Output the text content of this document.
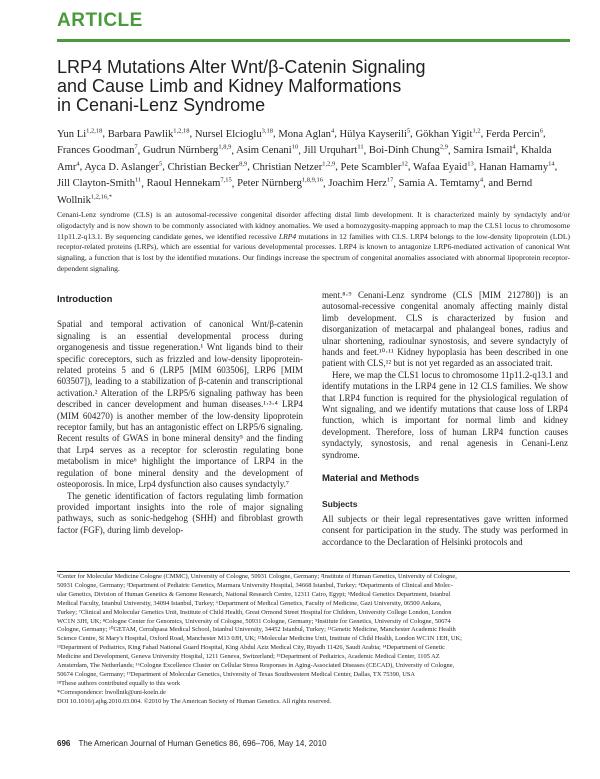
ARTICLE
LRP4 Mutations Alter Wnt/β-Catenin Signaling
and Cause Limb and Kidney Malformations
in Cenani-Lenz Syndrome
Yun Li$^{1,2,18}$, Barbara Pawlik$^{1,2,18}$, Nursel Elcioglu$^{3,18}$, Mona Aglan$^4$, Hülya Kayserili$^5$, Gökhan Yigit$^{1,2}$, Ferda Percin$^6$, Frances Goodman$^7$, Gudrun Nürnberg$^{1,8,9}$, Asim Cenani$^{10}$, Jill Urquhart$^{11}$, Boi-Dinh Chung$^{2,9}$, Samira Ismail$^4$, Khalda Amr$^4$, Ayca D. Aslanger$^5$, Christian Becker$^{8,9}$, Christian Netzer$^{1,2,9}$, Pete Scambler$^{12}$, Wafaa Eyaid$^{13}$, Hanan Hamamy$^{14}$, Jill Clayton-Smith$^{11}$, Raoul Hennekam$^{7,15}$, Peter Nürnberg$^{1,8,9,16}$, Joachim Herz$^{17}$, Samia A. Temtamy$^4$, and Bernd Wollnik$^{1,2,16,*}$
Cenani-Lenz syndrome (CLS) is an autosomal-recessive congenital disorder affecting distal limb development. It is characterized mainly by syndactyly and/or oligodactyly and is now shown to be commonly associated with kidney anomalies. We used a homozygosity-mapping approach to map the CLS1 locus to chromosome 11p11.2-q13.1. By sequencing candidate genes, we identified recessive LRP4 mutations in 12 families with CLS. LRP4 belongs to the low-density lipoprotein (LDL) receptor-related proteins (LRPs), which are essential for various developmental processes. LRP4 is known to antagonize LRP6-mediated activation of canonical Wnt signaling, a function that is lost by the identified mutations. Our findings increase the spectrum of congenital anomalies associated with abnormal lipoprotein receptor-dependent signaling.
Introduction

Spatial and temporal activation of canonical Wnt/β-catenin signaling is an essential developmental process during organogenesis and tissue regeneration.¹ Wnt ligands bind to their specific coreceptors, such as frizzled and low-density lipoprotein-related proteins 5 and 6 (LRP5 [MIM 603506], LRP6 [MIM 603507]), leading to a stabilization of β-catenin and transcriptional activation.² Alteration of the LRP5/6 signaling pathway has been described in cancer development and human diseases.¹·³·⁴ LRP4 (MIM 604270) is another member of the low-density lipoprotein receptor family, but has an antagonistic effect on LRP5/6 signaling. Recent results of GWAS in bone mineral density⁵ and the finding that Lrp4 serves as a receptor for sclerostin regulating bone metabolism in mice⁶ highlight the importance of LRP4 in the regulation of bone mineral density and the development of osteoporosis. In mice, Lrp4 dysfunction also causes syndactyly.⁷

The genetic identification of factors regulating limb formation provided important insights into the role of major signaling pathways, such as sonic-hedgehog (SHH) and fibroblast growth factor (FGF), during limb develop-

ment.⁸·⁹ Cenani-Lenz syndrome (CLS [MIM 212780]) is an autosomal-recessive congenital anomaly affecting mainly distal limb development. CLS is characterized by fusion and disorganization of metacarpal and phalangeal bones, radius and ulnar shortening, radioulnar synostosis, and severe syndactyly of hands and feet.¹⁰·¹¹ Kidney hypoplasia has been described in one patient with CLS,¹² but is not yet regarded as an associated trait.

Here, we map the CLS1 locus to chromosome 11p11.2-q13.1 and identify mutations in the LRP4 gene in 12 CLS families. We show that LRP4 function is required for the physiological regulation of Wnt signaling, and we identify mutations that cause loss of LRP4 function, which is important for normal limb and kidney development. Therefore, loss of human LRP4 function causes syndactyly, synostosis, and renal agenesis in Cenani-Lenz syndrome.

Material and Methods
Subjects

All subjects or their legal representatives gave written informed consent for participation in the study. The study was performed in accordance to the Declaration of Helsinki protocols and

¹Center for Molecular Medicine Cologne (CMMC), University of Cologne, 50931 Cologne, Germany; ²Institute of Human Genetics, University of Cologne,
50931 Cologne, Germany; ³Department of Pediatric Genetics, Marmara University Hospital, 34668 Istanbul, Turkey; ⁴Departments of Clinical and Molec-
ular Genetics, Division of Human Genetics & Genome Research, National Research Centre, 12311 Cairo, Egypt; ⁵Medical Genetics Department, Istanbul
Medical Faculty, Istanbul University, 34094 Istanbul, Turkey; ⁶Department of Medical Genetics, Faculty of Medicine, Gazi University, 06500 Ankara,
Turkey; ⁷Clinical and Molecular Genetics Unit, Institute of Child Health, Great Ormond Street Hospital for Children, University College London, London
WC1N 3JH, UK; ⁸Cologne Center for Genomics, University of Cologne, 50931 Cologne, Germany; ⁹Institute for Genetics, University of Cologne, 50674
Cologne, Germany; ¹⁰GETAM, Cerrahpasa Medical School, Istanbul University, 34452 Istanbul, Turkey; ¹¹Genetic Medicine, Manchester Academic Health
Science Centre, St Mary's Hospital, Oxford Road, Manchester M13 0JH, UK; ¹²Molecular Medicine Unit, Institute of Child Health, London WC1N 1EH, UK;
¹³Department of Pediatrics, King Fahad National Guard Hospital, King Abdul Aziz Medical City, Riyadh 11426, Saudi Arabia; ¹⁴Department of Genetic
Medicine and Development, Geneva University Hospital, 1211 Geneva, Switzerland; ¹⁵Department of Pediatrics, Academic Medical Center, 1105 AZ
Amsterdam, The Netherlands; ¹⁶Cologne Excellence Cluster on Cellular Stress Responses in Aging-Associated Diseases (CECAD), University of Cologne,
50674 Cologne, Germany; ¹⁷Department of Molecular Genetics, University of Texas Southwestern Medical Center, Dallas, TX 75390, USA
¹⁸These authors contributed equally to this work
*Correspondence: bwollnik@uni-koeln.de
DOI 10.1016/j.ajhg.2010.03.004. ©2010 by The American Society of Human Genetics. All rights reserved.
696 The American Journal of Human Genetics 86, 696–706, May 14, 2010
